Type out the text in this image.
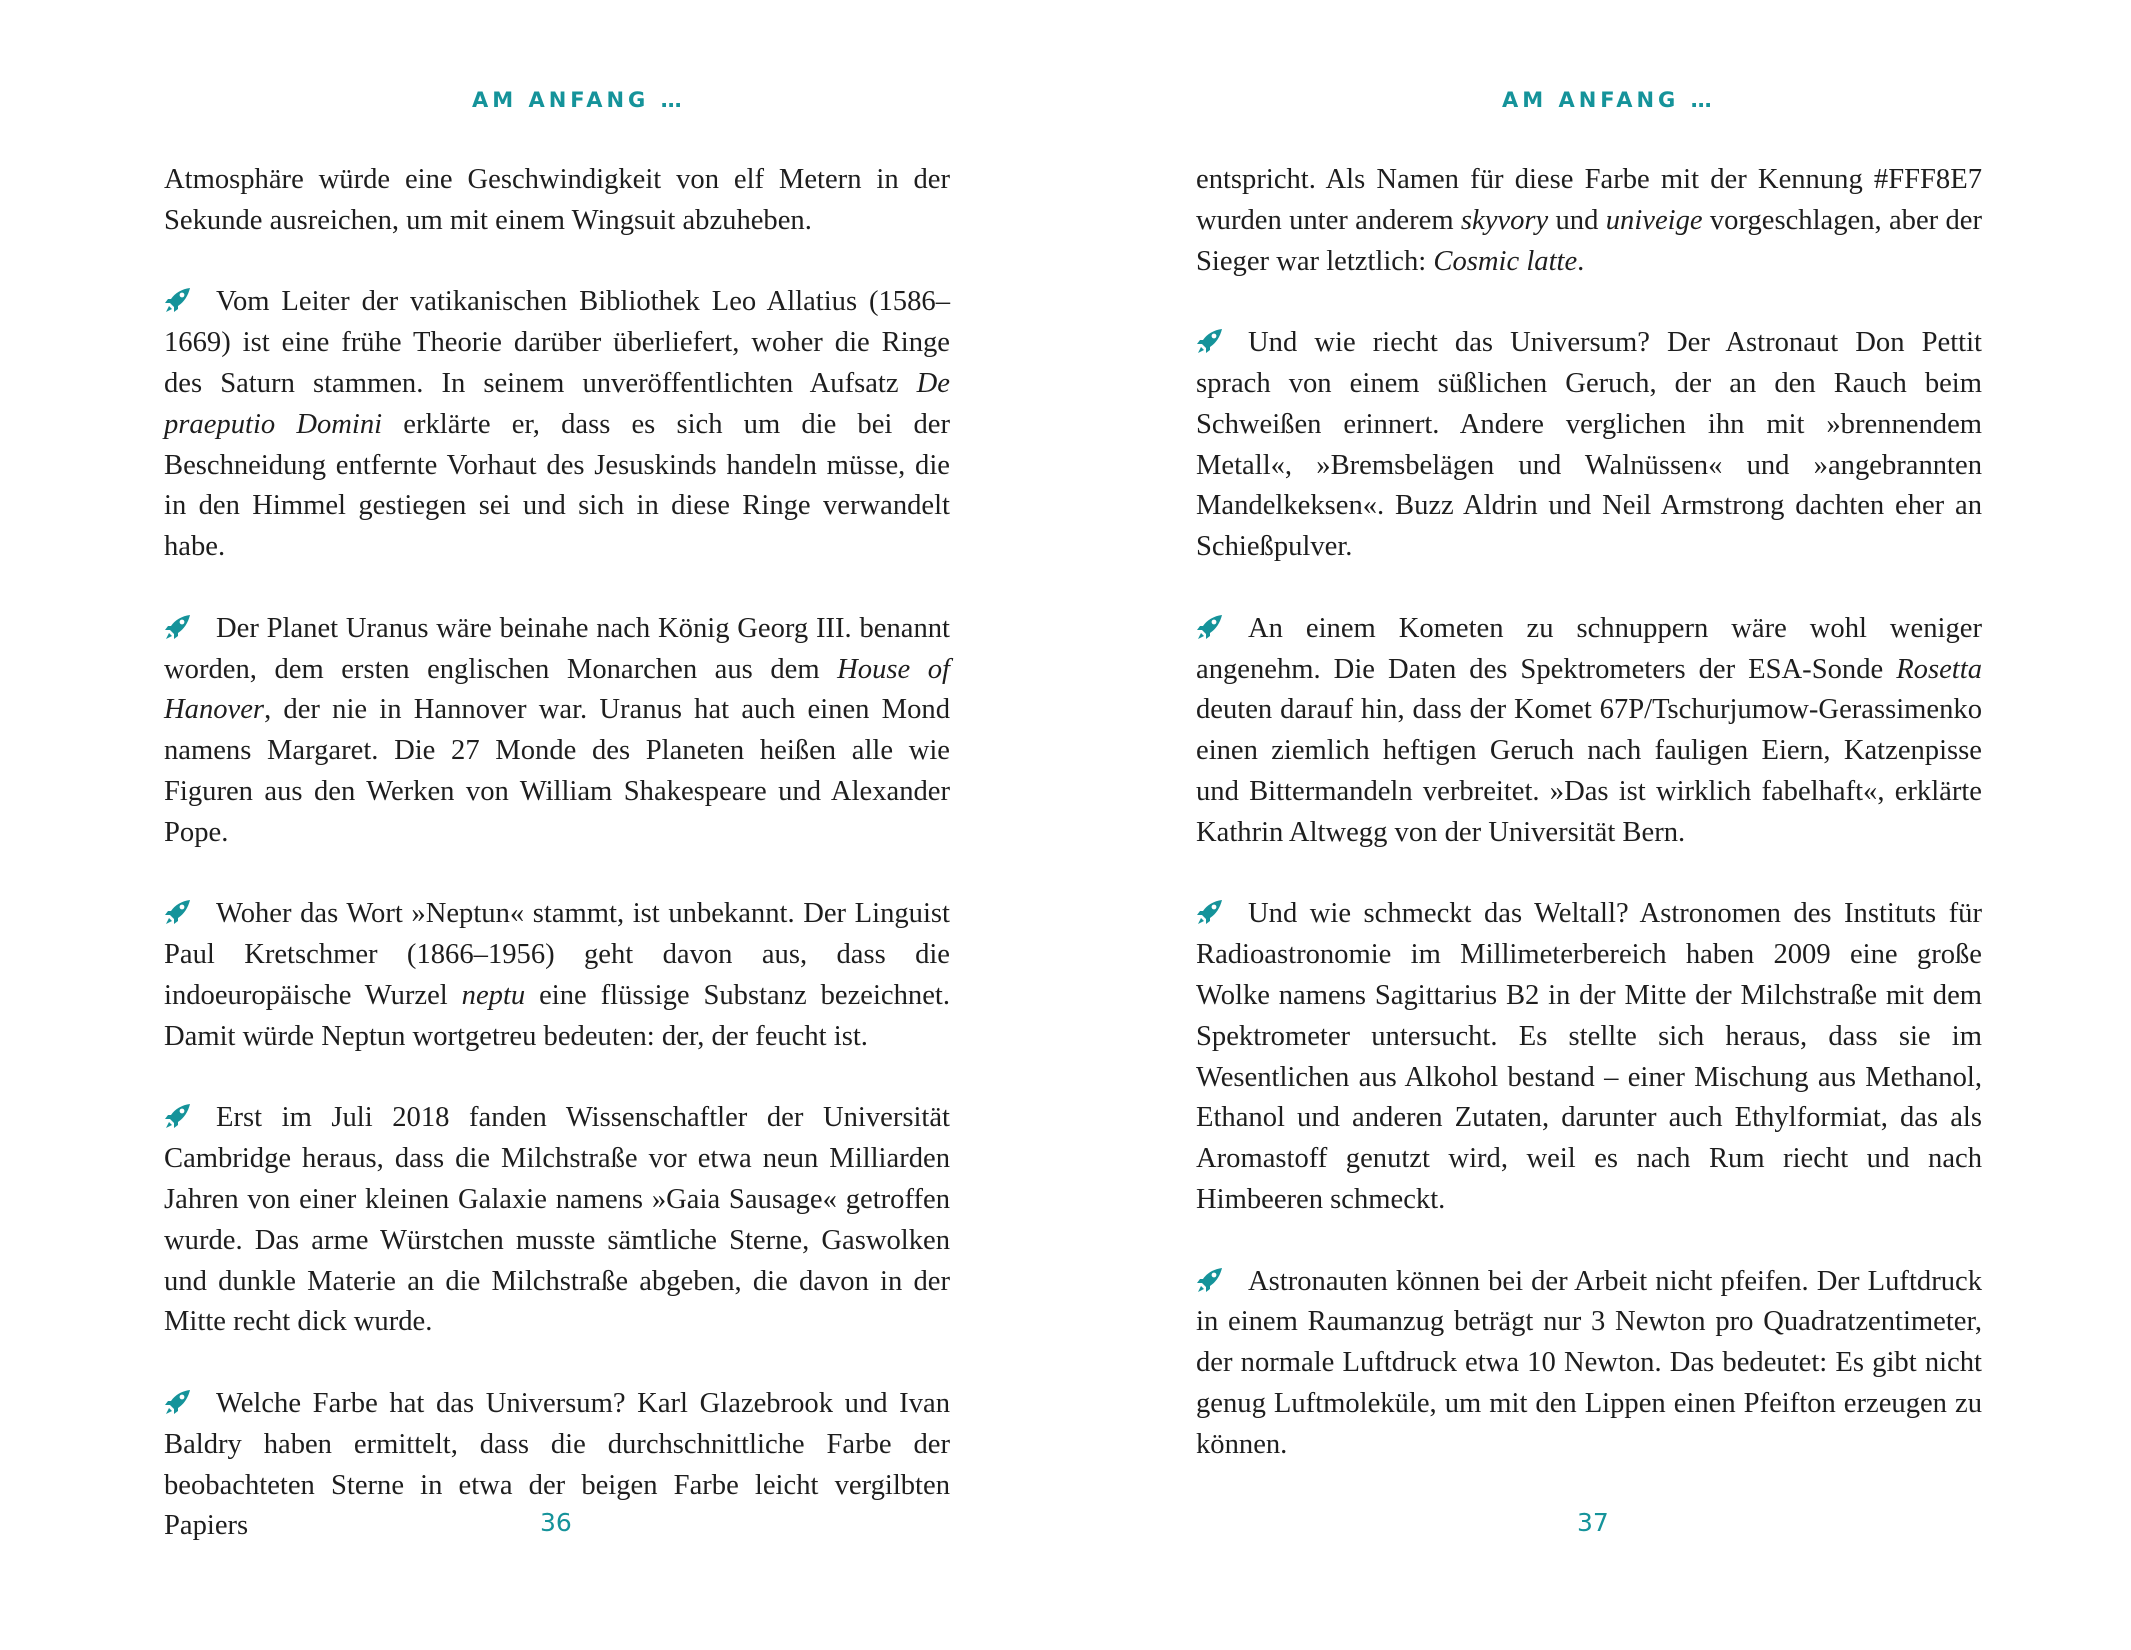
AM ANFANG …

Atmosphäre würde eine Geschwindigkeit von elf Metern in der Sekunde ausreichen, um mit einem Wingsuit abzuheben.

Vom Leiter der vatikanischen Bibliothek Leo Allatius (1586–1669) ist eine frühe Theorie darüber überliefert, woher die Ringe des Saturn stammen. In seinem unveröffentlichten Aufsatz De praeputio Domini erklärte er, dass es sich um die bei der Beschneidung entfernte Vorhaut des Jesuskinds handeln müsse, die in den Himmel gestiegen sei und sich in diese Ringe verwandelt habe.

Der Planet Uranus wäre beinahe nach König Georg III. benannt worden, dem ersten englischen Monarchen aus dem House of Hanover, der nie in Hannover war. Uranus hat auch einen Mond namens Margaret. Die 27 Monde des Planeten heißen alle wie Figuren aus den Werken von William Shakespeare und Alexander Pope.

Woher das Wort »Neptun« stammt, ist unbekannt. Der Linguist Paul Kretschmer (1866–1956) geht davon aus, dass die indoeuropäische Wurzel neptu eine flüssige Substanz bezeichnet. Damit würde Neptun wortgetreu bedeuten: der, der feucht ist.

Erst im Juli 2018 fanden Wissenschaftler der Universität Cambridge heraus, dass die Milchstraße vor etwa neun Milliarden Jahren von einer kleinen Galaxie namens »Gaia Sausage« getroffen wurde. Das arme Würstchen musste sämtliche Sterne, Gaswolken und dunkle Materie an die Milchstraße abgeben, die davon in der Mitte recht dick wurde.

Welche Farbe hat das Universum? Karl Glazebrook und Ivan Baldry haben ermittelt, dass die durchschnittliche Farbe der beobachteten Sterne in etwa der beigen Farbe leicht vergilbten Papiers	36
AM ANFANG …

entspricht. Als Namen für diese Farbe mit der Kennung #FFF8E7 wurden unter anderem skyvory und univeige vorgeschlagen, aber der Sieger war letztlich: Cosmic latte.

Und wie riecht das Universum? Der Astronaut Don Pettit sprach von einem süßlichen Geruch, der an den Rauch beim Schweißen erinnert. Andere verglichen ihn mit »brennendem Metall«, »Bremsbelägen und Walnüssen« und »angebrannten Mandelkeksen«. Buzz Aldrin und Neil Armstrong dachten eher an Schießpulver.

An einem Kometen zu schnuppern wäre wohl weniger angenehm. Die Daten des Spektrometers der ESA-Sonde Rosetta deuten darauf hin, dass der Komet 67P/Tschurjumow-Gerassimenko einen ziemlich heftigen Geruch nach fauligen Eiern, Katzenpisse und Bittermandeln verbreitet. »Das ist wirklich fabelhaft«, erklärte Kathrin Altwegg von der Universität Bern.

Und wie schmeckt das Weltall? Astronomen des Instituts für Radioastronomie im Millimeterbereich haben 2009 eine große Wolke namens Sagittarius B2 in der Mitte der Milchstraße mit dem Spektrometer untersucht. Es stellte sich heraus, dass sie im Wesentlichen aus Alkohol bestand – einer Mischung aus Methanol, Ethanol und anderen Zutaten, darunter auch Ethylformiat, das als Aromastoff genutzt wird, weil es nach Rum riecht und nach Himbeeren schmeckt.

Astronauten können bei der Arbeit nicht pfeifen. Der Luftdruck in einem Raumanzug beträgt nur 3 Newton pro Quadratzentimeter, der normale Luftdruck etwa 10 Newton. Das bedeutet: Es gibt nicht genug Luftmoleküle, um mit den Lippen einen Pfeifton erzeugen zu können.

37
